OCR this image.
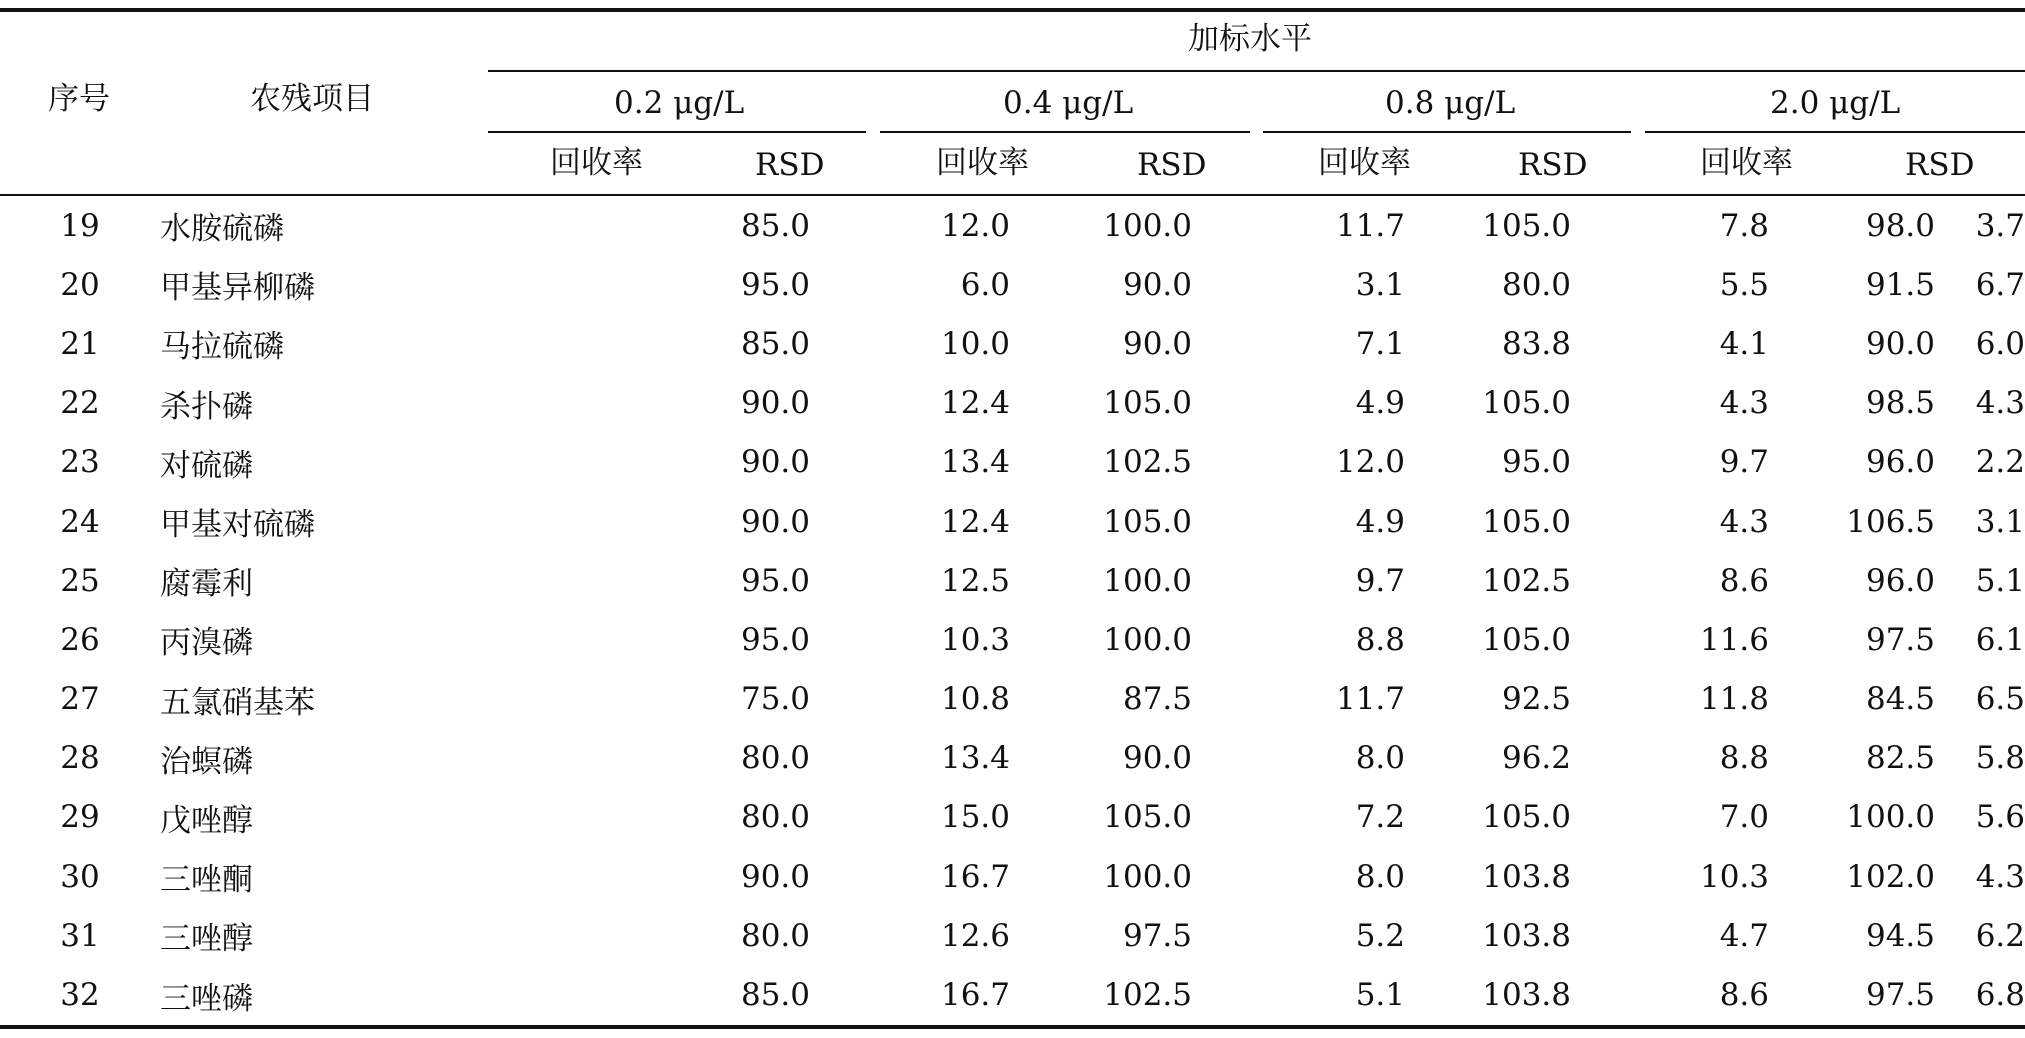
序号	农残项目
加标水平
0.2 μg/L	0.4 μg/L	0.8 μg/L	2.0 μg/L
回收率	RSD	回收率	RSD	回收率	RSD	回收率	RSD
19	水胺硫磷		85.0	12.0	100.0	11.7	105.0	7.8	98.0	3.7
20	甲基异柳磷		95.0	6.0	90.0	3.1	80.0	5.5	91.5	6.7
21	马拉硫磷		85.0	10.0	90.0	7.1	83.8	4.1	90.0	6.0
22	杀扑磷		90.0	12.4	105.0	4.9	105.0	4.3	98.5	4.3
23	对硫磷		90.0	13.4	102.5	12.0	95.0	9.7	96.0	2.2
24	甲基对硫磷		90.0	12.4	105.0	4.9	105.0	4.3	106.5	3.1
25	腐霉利		95.0	12.5	100.0	9.7	102.5	8.6	96.0	5.1
26	丙溴磷		95.0	10.3	100.0	8.8	105.0	11.6	97.5	6.1
27	五氯硝基苯		75.0	10.8	87.5	11.7	92.5	11.8	84.5	6.5
28	治螟磷		80.0	13.4	90.0	8.0	96.2	8.8	82.5	5.8
29	戊唑醇		80.0	15.0	105.0	7.2	105.0	7.0	100.0	5.6
30	三唑酮		90.0	16.7	100.0	8.0	103.8	10.3	102.0	4.3
31	三唑醇		80.0	12.6	97.5	5.2	103.8	4.7	94.5	6.2
32	三唑磷		85.0	16.7	102.5	5.1	103.8	8.6	97.5	6.8
